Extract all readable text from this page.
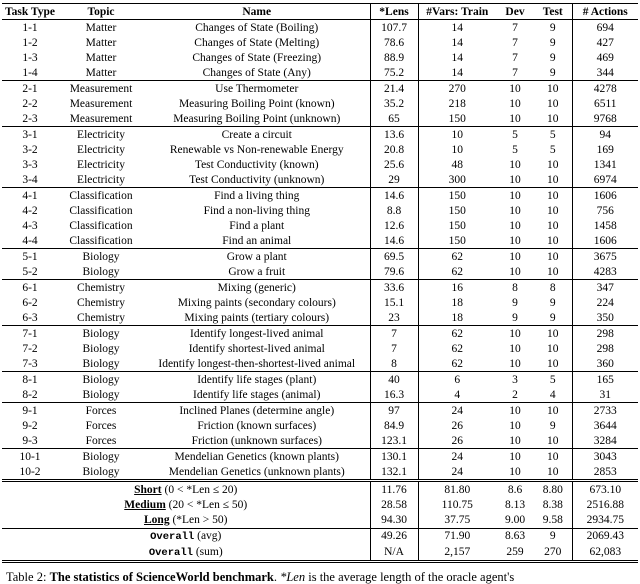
Task Type	Topic	Name	*Lens	#Vars: Train	Dev	Test	# Actions
1-1	Matter	Changes of State (Boiling)	107.7	14	7	9	694
1-2	Matter	Changes of State (Melting)	78.6	14	7	9	427
1-3	Matter	Changes of State (Freezing)	88.9	14	7	9	469
1-4	Matter	Changes of State (Any)	75.2	14	7	9	344
2-1	Measurement	Use Thermometer	21.4	270	10	10	4278
2-2	Measurement	Measuring Boiling Point (known)	35.2	218	10	10	6511
2-3	Measurement	Measuring Boiling Point (unknown)	65	150	10	10	9768
3-1	Electricity	Create a circuit	13.6	10	5	5	94
3-2	Electricity	Renewable vs Non-renewable Energy	20.8	10	5	5	169
3-3	Electricity	Test Conductivity (known)	25.6	48	10	10	1341
3-4	Electricity	Test Conductivity (unknown)	29	300	10	10	6974
4-1	Classification	Find a living thing	14.6	150	10	10	1606
4-2	Classification	Find a non-living thing	8.8	150	10	10	756
4-3	Classification	Find a plant	12.6	150	10	10	1458
4-4	Classification	Find an animal	14.6	150	10	10	1606
5-1	Biology	Grow a plant	69.5	62	10	10	3675
5-2	Biology	Grow a fruit	79.6	62	10	10	4283
6-1	Chemistry	Mixing (generic)	33.6	16	8	8	347
6-2	Chemistry	Mixing paints (secondary colours)	15.1	18	9	9	224
6-3	Chemistry	Mixing paints (tertiary colours)	23	18	9	9	350
7-1	Biology	Identify longest-lived animal	7	62	10	10	298
7-2	Biology	Identify shortest-lived animal	7	62	10	10	298
7-3	Biology	Identify longest-then-shortest-lived animal	8	62	10	10	360
8-1	Biology	Identify life stages (plant)	40	6	3	5	165
8-2	Biology	Identify life stages (animal)	16.3	4	2	4	31
9-1	Forces	Inclined Planes (determine angle)	97	24	10	10	2733
9-2	Forces	Friction (known surfaces)	84.9	26	10	9	3644
9-3	Forces	Friction (unknown surfaces)	123.1	26	10	10	3284
10-1	Biology	Mendelian Genetics (known plants)	130.1	24	10	10	3043
10-2	Biology	Mendelian Genetics (unknown plants)	132.1	24	10	10	2853
Short (0 < *Len ≤ 20)			11.76	81.80	8.6	8.80	673.10
Medium (20 < *Len ≤ 50)			28.58	110.75	8.13	8.38	2516.88
Long (*Len > 50)			94.30	37.75	9.00	9.58	2934.75
Overall (avg)			49.26	71.90	8.63	9	2069.43
Overall (sum)			N/A	2,157	259	270	62,083
Table 2: The statistics of ScienceWorld benchmark. *Len is the average length of the oracle agent's
